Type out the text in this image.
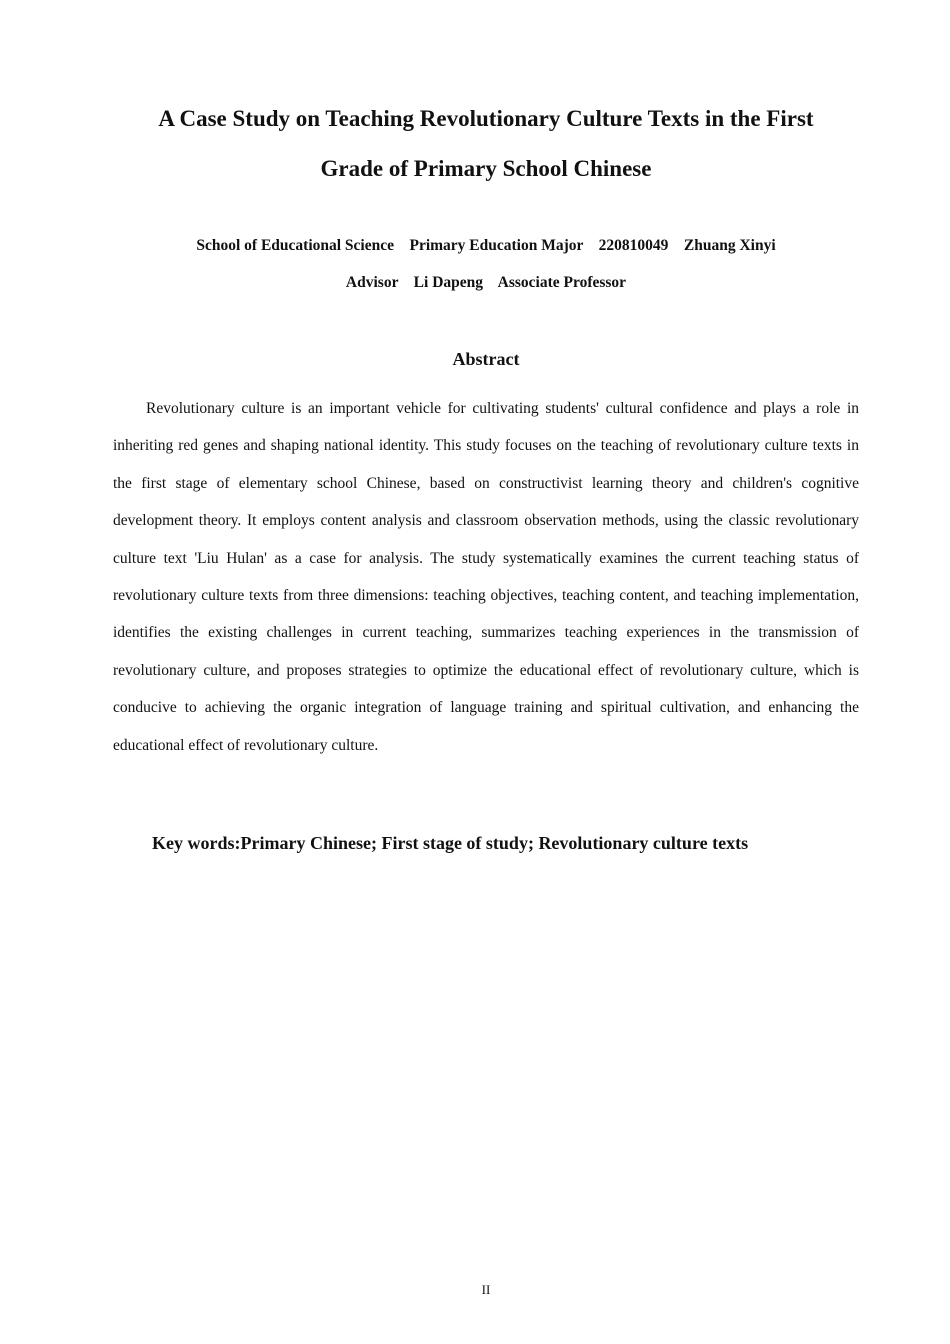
A Case Study on Teaching Revolutionary Culture Texts in the First
Grade of Primary School Chinese
School of Educational Science    Primary Education Major    220810049    Zhuang Xinyi
Advisor    Li Dapeng    Associate Professor
Abstract

Revolutionary culture is an important vehicle for cultivating students' cultural confidence and plays a role in inheriting red genes and shaping national identity. This study focuses on the teaching of revolutionary culture texts in the first stage of elementary school Chinese, based on constructivist learning theory and children's cognitive development theory. It employs content analysis and classroom observation methods, using the classic revolutionary culture text 'Liu Hulan' as a case for analysis. The study systematically examines the current teaching status of revolutionary culture texts from three dimensions: teaching objectives, teaching content, and teaching implementation, identifies the existing challenges in current teaching, summarizes teaching experiences in the transmission of revolutionary culture, and proposes strategies to optimize the educational effect of revolutionary culture, which is conducive to achieving the organic integration of language training and spiritual cultivation, and enhancing the educational effect of revolutionary culture.

Key words:Primary Chinese; First stage of study; Revolutionary culture texts

II
